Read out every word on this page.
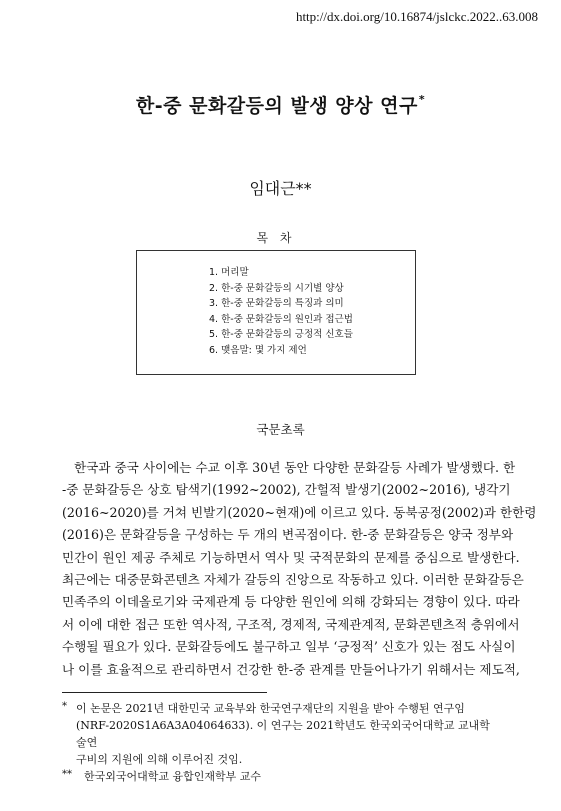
http://dx.doi.org/10.16874/jslckc.2022..63.008
한-중 문화갈등의 발생 양상 연구*
임대근**
목 차
1. 머리말
2. 한-중 문화갈등의 시기별 양상
3. 한-중 문화갈등의 특징과 의미
4. 한-중 문화갈등의 원인과 접근법
5. 한-중 문화갈등의 긍정적 신호들
6. 맺음말: 몇 가지 제언
국문초록
한국과 중국 사이에는 수교 이후 30년 동안 다양한 문화갈등 사례가 발생했다. 한
-중 문화갈등은 상호 탐색기(1992~2002), 간헐적 발생기(2002~2016), 냉각기
(2016~2020)를 거쳐 빈발기(2020~현재)에 이르고 있다. 동북공정(2002)과 한한령
(2016)은 문화갈등을 구성하는 두 개의 변곡점이다. 한-중 문화갈등은 양국 정부와
민간이 원인 제공 주체로 기능하면서 역사 및 국적문화의 문제를 중심으로 발생한다.
최근에는 대중문화콘텐츠 자체가 갈등의 진앙으로 작동하고 있다. 이러한 문화갈등은
민족주의 이데올로기와 국제관계 등 다양한 원인에 의해 강화되는 경향이 있다. 따라
서 이에 대한 접근 또한 역사적, 구조적, 경제적, 국제관계적, 문화콘텐츠적 층위에서
수행될 필요가 있다. 문화갈등에도 불구하고 일부 ‘긍정적’ 신호가 있는 점도 사실이
나 이를 효율적으로 관리하면서 건강한 한-중 관계를 만들어나가기 위해서는 제도적,
* 이 논문은 2021년 대한민국 교육부와 한국연구재단의 지원을 받아 수행된 연구임
(NRF-2020S1A6A3A04064633). 이 연구는 2021학년도 한국외국어대학교 교내학술연
구비의 지원에 의해 이루어진 것임.
** 한국외국어대학교 융합인재학부 교수
